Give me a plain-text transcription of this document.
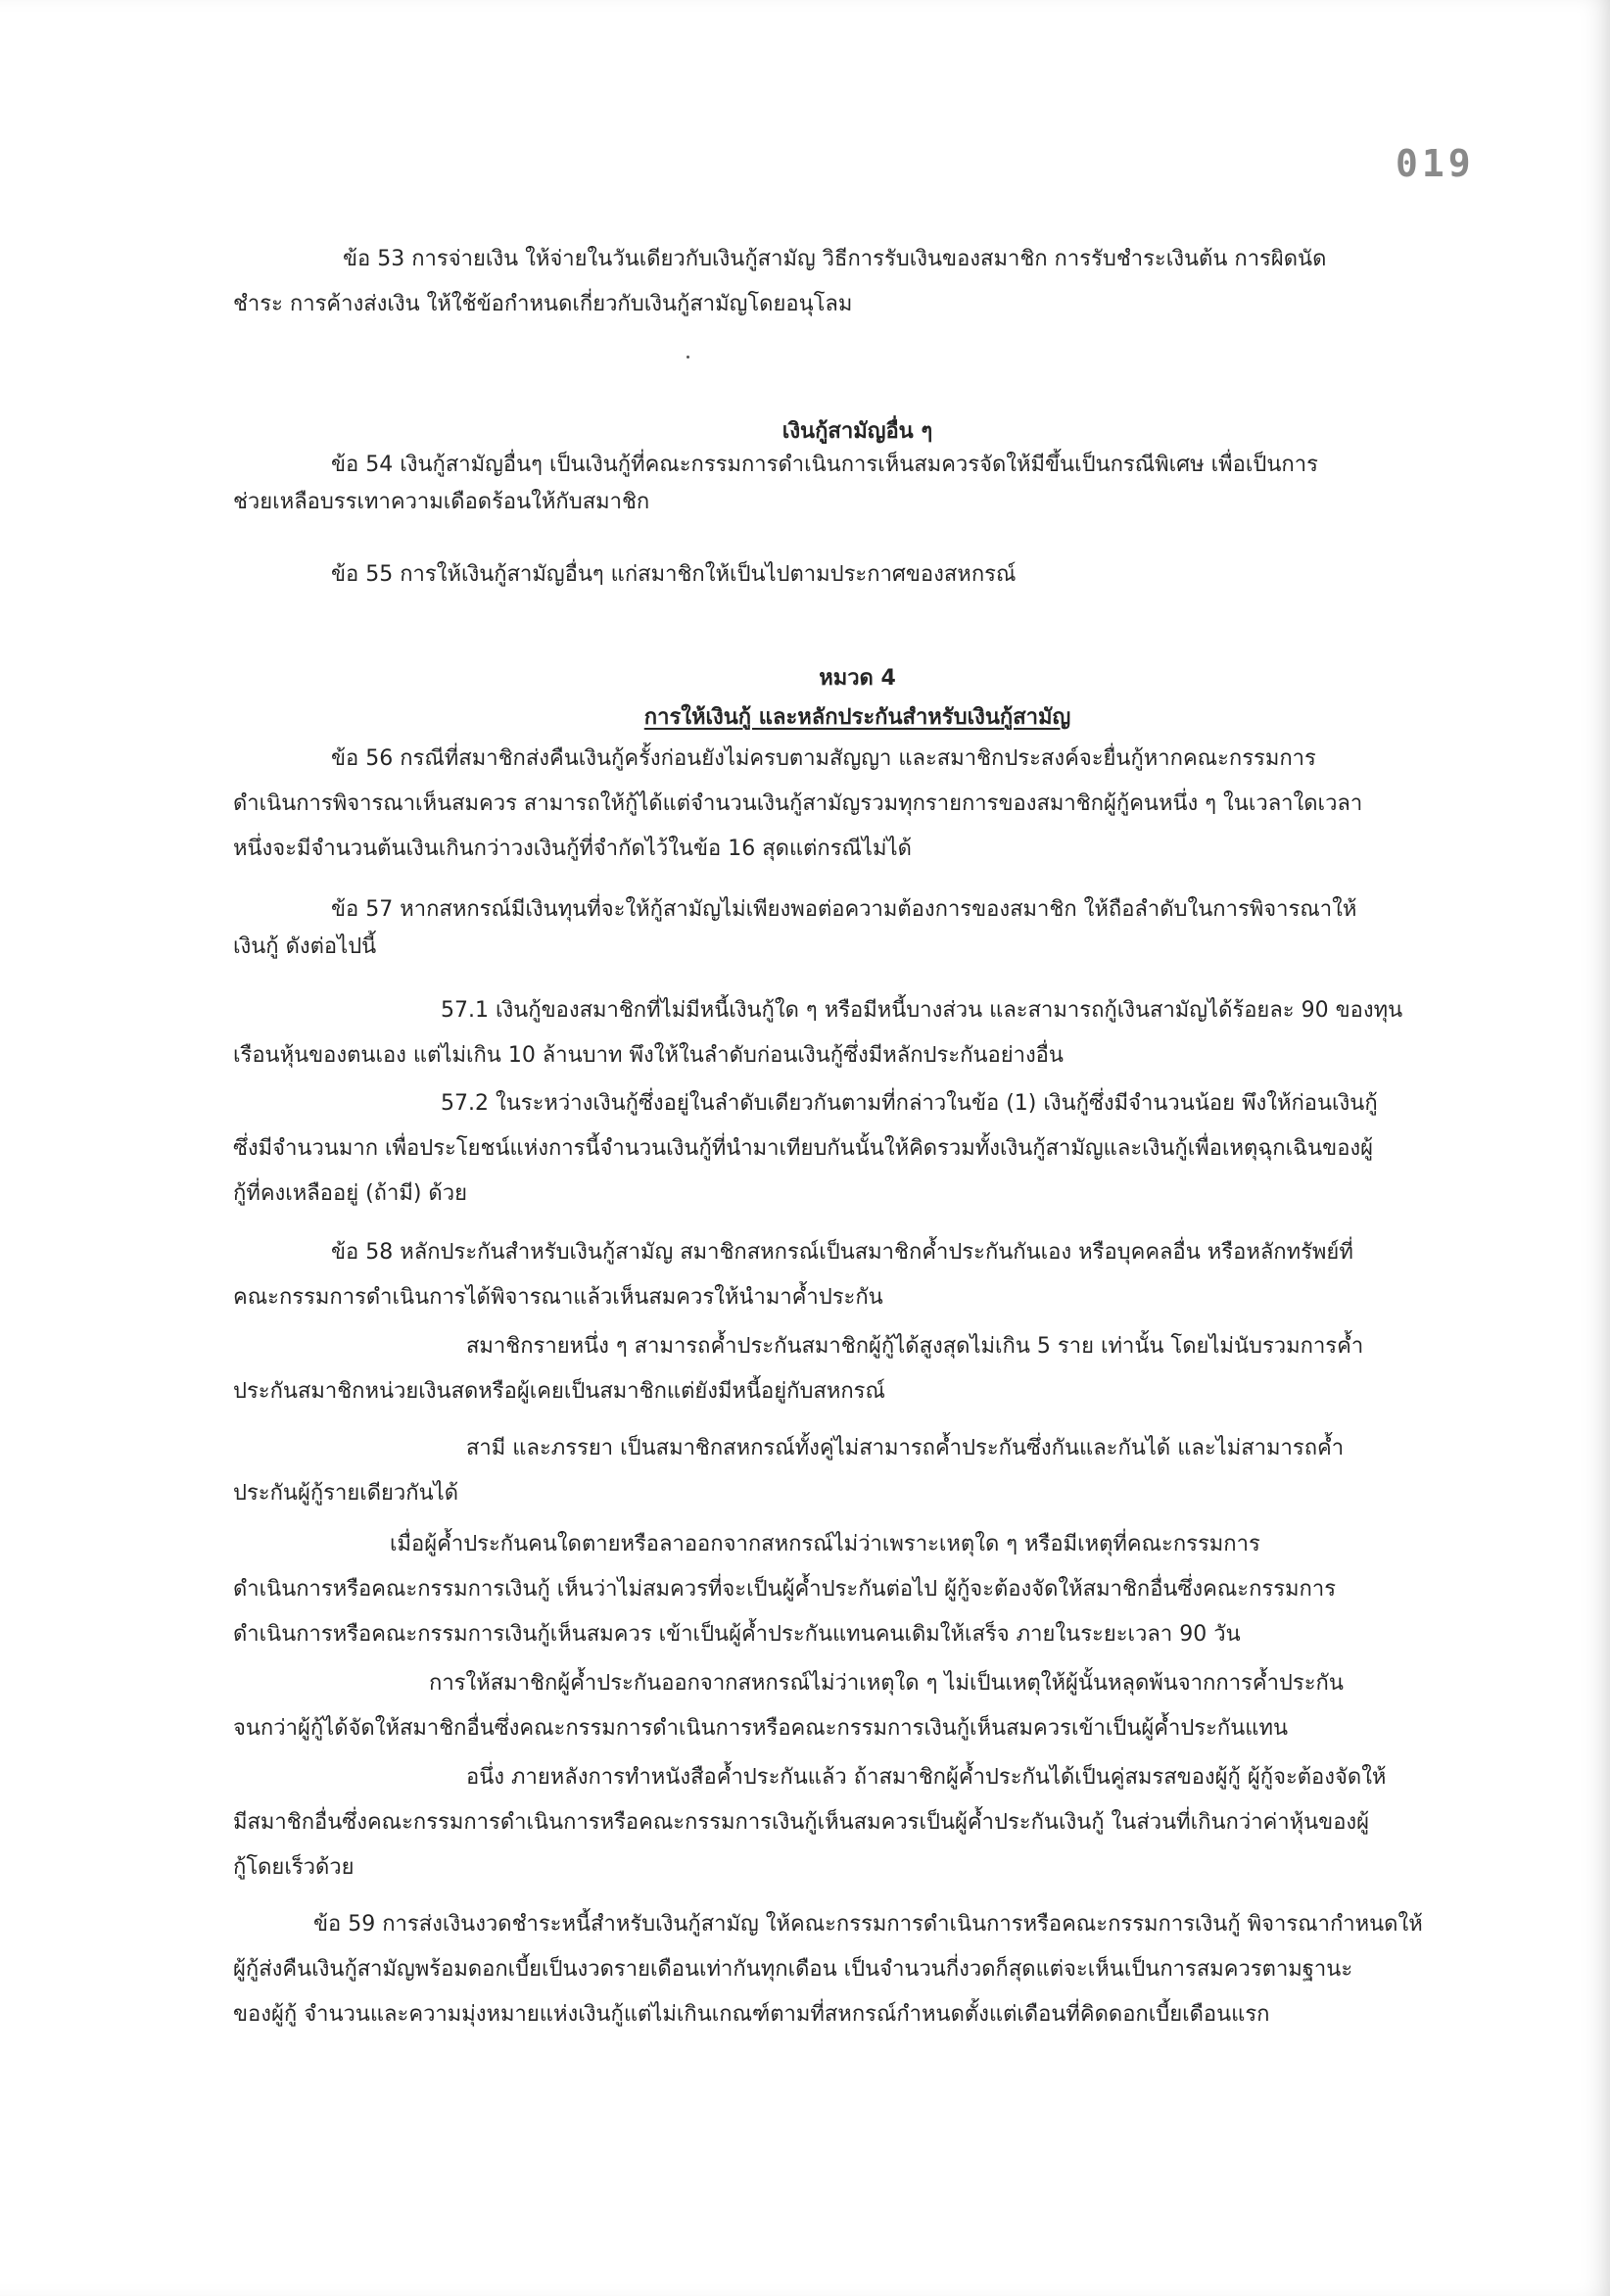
019
ข้อ 53 การจ่ายเงิน ให้จ่ายในวันเดียวกับเงินกู้สามัญ วิธีการรับเงินของสมาชิก การรับชำระเงินต้น การผิดนัด
ชำระ การค้างส่งเงิน ให้ใช้ข้อกำหนดเกี่ยวกับเงินกู้สามัญโดยอนุโลม
เงินกู้สามัญอื่น ๆ
ข้อ 54 เงินกู้สามัญอื่นๆ เป็นเงินกู้ที่คณะกรรมการดำเนินการเห็นสมควรจัดให้มีขึ้นเป็นกรณีพิเศษ เพื่อเป็นการ
ช่วยเหลือบรรเทาความเดือดร้อนให้กับสมาชิก
ข้อ 55 การให้เงินกู้สามัญอื่นๆ แก่สมาชิกให้เป็นไปตามประกาศของสหกรณ์
หมวด 4
การให้เงินกู้ และหลักประกันสำหรับเงินกู้สามัญ
ข้อ 56 กรณีที่สมาชิกส่งคืนเงินกู้ครั้งก่อนยังไม่ครบตามสัญญา และสมาชิกประสงค์จะยื่นกู้หากคณะกรรมการ
ดำเนินการพิจารณาเห็นสมควร สามารถให้กู้ได้แต่จำนวนเงินกู้สามัญรวมทุกรายการของสมาชิกผู้กู้คนหนึ่ง ๆ ในเวลาใดเวลา
หนึ่งจะมีจำนวนต้นเงินเกินกว่าวงเงินกู้ที่จำกัดไว้ในข้อ 16 สุดแต่กรณีไม่ได้
ข้อ 57 หากสหกรณ์มีเงินทุนที่จะให้กู้สามัญไม่เพียงพอต่อความต้องการของสมาชิก ให้ถือลำดับในการพิจารณาให้
เงินกู้ ดังต่อไปนี้
57.1 เงินกู้ของสมาชิกที่ไม่มีหนี้เงินกู้ใด ๆ หรือมีหนี้บางส่วน และสามารถกู้เงินสามัญได้ร้อยละ 90 ของทุน
เรือนหุ้นของตนเอง แต่ไม่เกิน 10 ล้านบาท พึงให้ในลำดับก่อนเงินกู้ซึ่งมีหลักประกันอย่างอื่น
57.2 ในระหว่างเงินกู้ซึ่งอยู่ในลำดับเดียวกันตามที่กล่าวในข้อ (1) เงินกู้ซึ่งมีจำนวนน้อย พึงให้ก่อนเงินกู้
ซึ่งมีจำนวนมาก เพื่อประโยชน์แห่งการนี้จำนวนเงินกู้ที่นำมาเทียบกันนั้นให้คิดรวมทั้งเงินกู้สามัญและเงินกู้เพื่อเหตุฉุกเฉินของผู้
กู้ที่คงเหลืออยู่ (ถ้ามี) ด้วย
ข้อ 58 หลักประกันสำหรับเงินกู้สามัญ สมาชิกสหกรณ์เป็นสมาชิกค้ำประกันกันเอง หรือบุคคลอื่น หรือหลักทรัพย์ที่
คณะกรรมการดำเนินการได้พิจารณาแล้วเห็นสมควรให้นำมาค้ำประกัน
สมาชิกรายหนึ่ง ๆ สามารถค้ำประกันสมาชิกผู้กู้ได้สูงสุดไม่เกิน 5 ราย เท่านั้น โดยไม่นับรวมการค้ำ
ประกันสมาชิกหน่วยเงินสดหรือผู้เคยเป็นสมาชิกแต่ยังมีหนี้อยู่กับสหกรณ์
สามี และภรรยา เป็นสมาชิกสหกรณ์ทั้งคู่ไม่สามารถค้ำประกันซึ่งกันและกันได้ และไม่สามารถค้ำ
ประกันผู้กู้รายเดียวกันได้
เมื่อผู้ค้ำประกันคนใดตายหรือลาออกจากสหกรณ์ไม่ว่าเพราะเหตุใด ๆ หรือมีเหตุที่คณะกรรมการ
ดำเนินการหรือคณะกรรมการเงินกู้ เห็นว่าไม่สมควรที่จะเป็นผู้ค้ำประกันต่อไป ผู้กู้จะต้องจัดให้สมาชิกอื่นซึ่งคณะกรรมการ
ดำเนินการหรือคณะกรรมการเงินกู้เห็นสมควร เข้าเป็นผู้ค้ำประกันแทนคนเดิมให้เสร็จ ภายในระยะเวลา 90 วัน
การให้สมาชิกผู้ค้ำประกันออกจากสหกรณ์ไม่ว่าเหตุใด ๆ ไม่เป็นเหตุให้ผู้นั้นหลุดพ้นจากการค้ำประกัน
จนกว่าผู้กู้ได้จัดให้สมาชิกอื่นซึ่งคณะกรรมการดำเนินการหรือคณะกรรมการเงินกู้เห็นสมควรเข้าเป็นผู้ค้ำประกันแทน
อนึ่ง ภายหลังการทำหนังสือค้ำประกันแล้ว ถ้าสมาชิกผู้ค้ำประกันได้เป็นคู่สมรสของผู้กู้ ผู้กู้จะต้องจัดให้
มีสมาชิกอื่นซึ่งคณะกรรมการดำเนินการหรือคณะกรรมการเงินกู้เห็นสมควรเป็นผู้ค้ำประกันเงินกู้ ในส่วนที่เกินกว่าค่าหุ้นของผู้
กู้โดยเร็วด้วย
ข้อ 59 การส่งเงินงวดชำระหนี้สำหรับเงินกู้สามัญ ให้คณะกรรมการดำเนินการหรือคณะกรรมการเงินกู้ พิจารณากำหนดให้
ผู้กู้ส่งคืนเงินกู้สามัญพร้อมดอกเบี้ยเป็นงวดรายเดือนเท่ากันทุกเดือน เป็นจำนวนกี่งวดก็สุดแต่จะเห็นเป็นการสมควรตามฐานะ
ของผู้กู้ จำนวนและความมุ่งหมายแห่งเงินกู้แต่ไม่เกินเกณฑ์ตามที่สหกรณ์กำหนดตั้งแต่เดือนที่คิดดอกเบี้ยเดือนแรก
